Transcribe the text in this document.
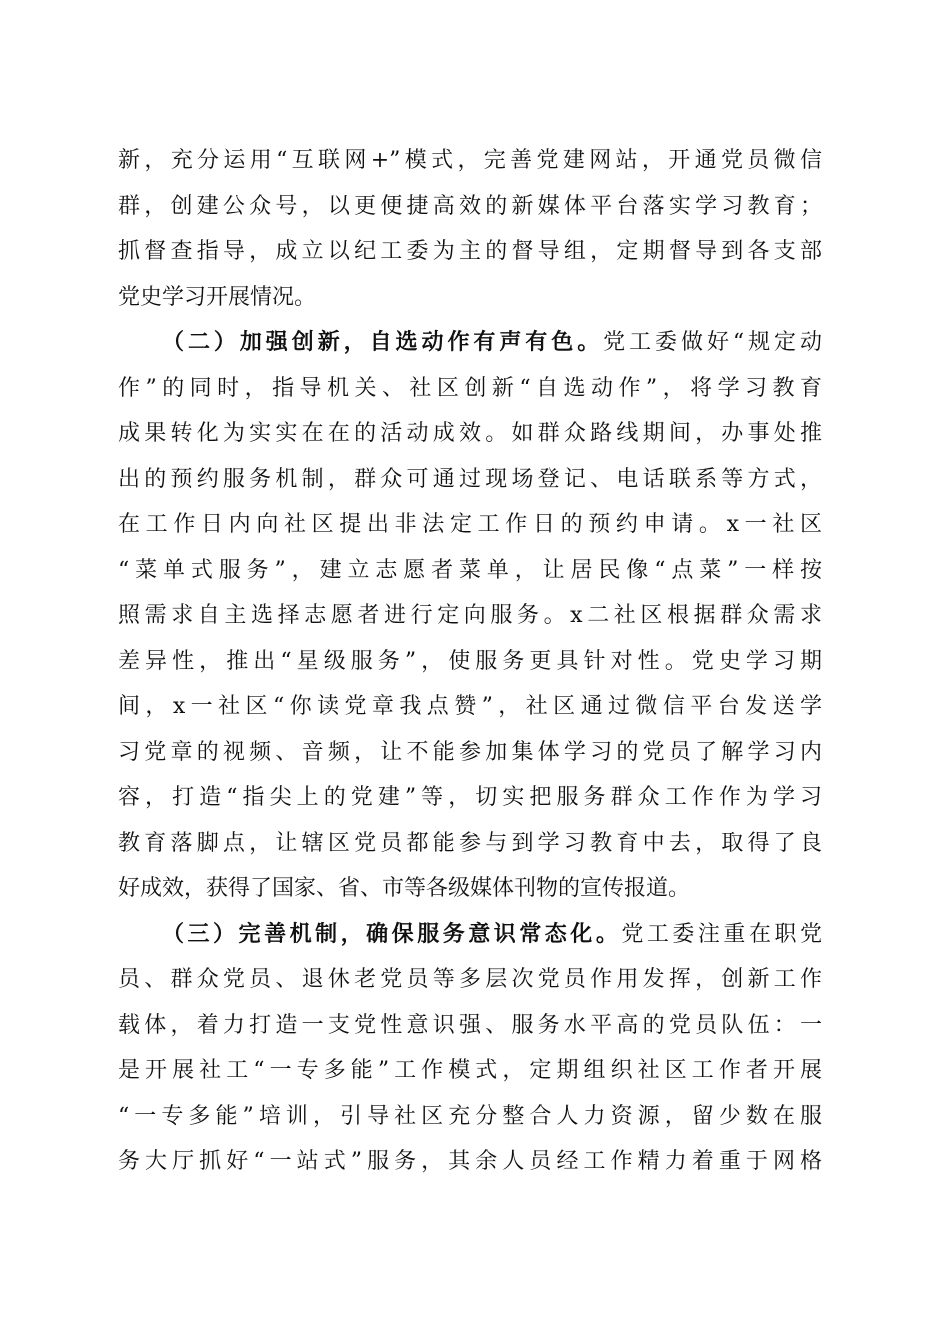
新，充分运用“互联网+”模式，完善党建网站，开通党员微信
群，创建公众号，以更便捷高效的新媒体平台落实学习教育；
抓督查指导，成立以纪工委为主的督导组，定期督导到各支部
党史学习开展情况。
（二）加强创新，自选动作有声有色。党工委做好“规定动
作”的同时，指导机关、社区创新“自选动作”，将学习教育
成果转化为实实在在的活动成效。如群众路线期间，办事处推
出的预约服务机制，群众可通过现场登记、电话联系等方式，
在工作日内向社区提出非法定工作日的预约申请。x一社区
“菜单式服务”，建立志愿者菜单，让居民像“点菜”一样按
照需求自主选择志愿者进行定向服务。x二社区根据群众需求
差异性，推出“星级服务”，使服务更具针对性。党史学习期
间，x一社区“你读党章我点赞”，社区通过微信平台发送学
习党章的视频、音频，让不能参加集体学习的党员了解学习内
容，打造“指尖上的党建”等，切实把服务群众工作作为学习
教育落脚点，让辖区党员都能参与到学习教育中去，取得了良
好成效，获得了国家、省、市等各级媒体刊物的宣传报道。
（三）完善机制，确保服务意识常态化。党工委注重在职党
员、群众党员、退休老党员等多层次党员作用发挥，创新工作
载体，着力打造一支党性意识强、服务水平高的党员队伍：一
是开展社工“一专多能”工作模式，定期组织社区工作者开展
“一专多能”培训，引导社区充分整合人力资源，留少数在服
务大厅抓好“一站式”服务，其余人员经工作精力着重于网格
